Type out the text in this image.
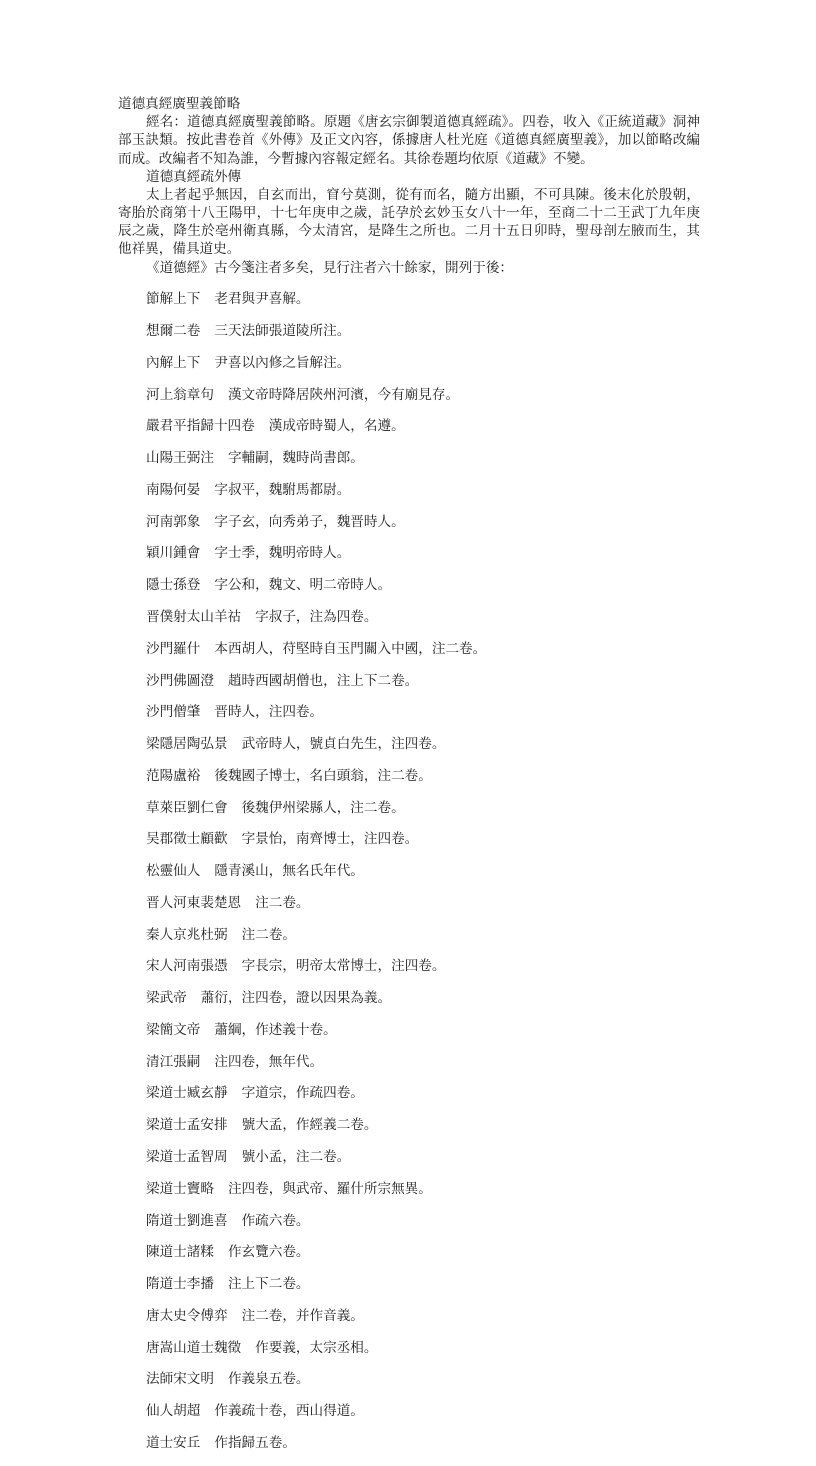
道德真經廣聖義節略

經名：道德真經廣聖義節略。原題《唐玄宗御製道德真經疏》。四卷，收入《正統道藏》洞神部玉訣類。按此書卷首《外傳》及正文內容，係據唐人杜光庭《道德真經廣聖義》，加以節略改編而成。改編者不知為誰，今暫據內容報定經名。其徐卷題均依原《道藏》不變。

道德真經疏外傳

太上者起乎無因，自玄而出，窅兮莫測，從有而名，隨方出顯，不可具陳。後末化於殷朝，寄胎於商第十八王陽甲，十七年庚申之歲，託孕於玄妙玉女八十一年，至商二十二王武丁九年庚辰之歲，降生於亳州衛真縣，今太清宮，是降生之所也。二月十五日卯時，聖母剖左腋而生，其他祥異，備具道史。

《道德經》古今箋注者多矣，見行注者六十餘家，開列于後：

節解上下 老君與尹喜解。

想爾二卷 三天法師張道陵所注。

內解上下 尹喜以內修之旨解注。

河上翁章句 漢文帝時降居陝州河濱，今有廟見存。

嚴君平指歸十四卷 漢成帝時蜀人，名遵。

山陽王弼注 字輔嗣，魏時尚書郎。

南陽何晏 字叔平，魏駙馬都尉。

河南郭象 字子玄，向秀弟子，魏晋時人。

穎川鍾會 字士季，魏明帝時人。

隱士孫登 字公和，魏文、明二帝時人。

晋僕射太山羊祜 字叔子，注為四卷。

沙門羅什 本西胡人，苻堅時自玉門關入中國，注二卷。

沙門佛圖澄 趙時西國胡僧也，注上下二卷。

沙門僧肇 晋時人，注四卷。

梁隱居陶弘景 武帝時人，號貞白先生，注四卷。

范陽盧裕 後魏國子博士，名白頭翁，注二卷。

草萊臣劉仁會 後魏伊州梁縣人，注二卷。

吴郡徵士顧歡 字景怡，南齊博士，注四卷。

松靈仙人 隱青溪山，無名氏年代。

晋人河東裴楚恩 注二卷。

秦人京兆杜弼 注二卷。

宋人河南張憑 字長宗，明帝太常博士，注四卷。

梁武帝 蕭衍，注四卷，證以因果為義。

梁簡文帝 蕭綱，作述義十卷。

清江張嗣 注四卷，無年代。

梁道士臧玄靜 字道宗，作疏四卷。

梁道士孟安排 號大孟，作經義二卷。

梁道士孟智周 號小孟，注二卷。

梁道士竇略 注四卷，與武帝、羅什所宗無異。

隋道士劉進喜 作疏六卷。

陳道士諸糅 作玄覽六卷。

隋道士李播 注上下二卷。

唐太史令傅弈 注二卷，并作音義。

唐嵩山道士魏徵 作要義，太宗丞相。

法師宋文明 作義泉五卷。

仙人胡超 作義疏十卷，西山得道。

道士安丘 作指歸五卷。
